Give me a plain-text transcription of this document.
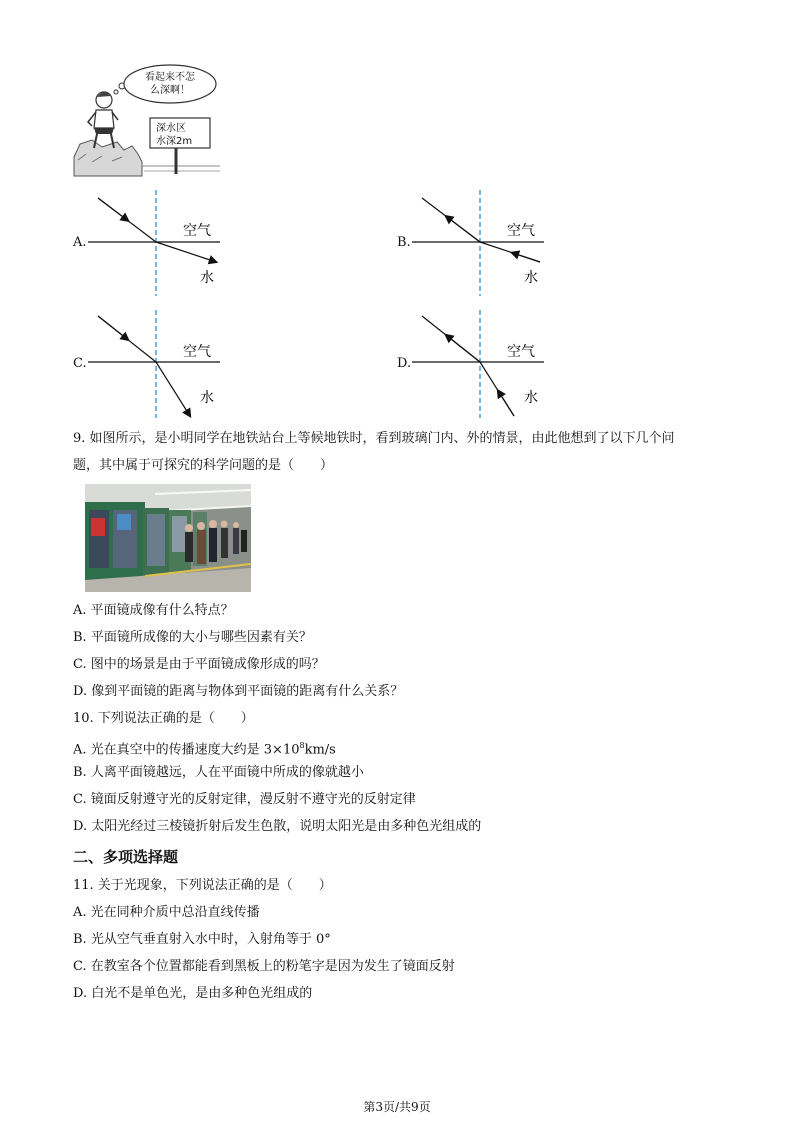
看起来不怎
么深啊！
深水区
水深2m
A.
空气
水
B.
空气
水
C.
空气
水
D.
空气
水
9. 如图所示，是小明同学在地铁站台上等候地铁时，看到玻璃门内、外的情景，由此他想到了以下几个问
题，其中属于可探究的科学问题的是（　　）
A. 平面镜成像有什么特点？
B. 平面镜所成像的大小与哪些因素有关？
C. 图中的场景是由于平面镜成像形成的吗？
D. 像到平面镜的距离与物体到平面镜的距离有什么关系？
10. 下列说法正确的是（　　）
A. 光在真空中的传播速度大约是 $3\times 10^8km/s$
B. 人离平面镜越远，人在平面镜中所成的像就越小
C. 镜面反射遵守光的反射定律，漫反射不遵守光的反射定律
D. 太阳光经过三棱镜折射后发生色散，说明太阳光是由多种色光组成的
二、多项选择题
11. 关于光现象，下列说法正确的是（　　）
A. 光在同种介质中总沿直线传播
B. 光从空气垂直射入水中时，入射角等于 0°
C. 在教室各个位置都能看到黑板上的粉笔字是因为发生了镜面反射
D. 白光不是单色光，是由多种色光组成的
第3页/共9页
